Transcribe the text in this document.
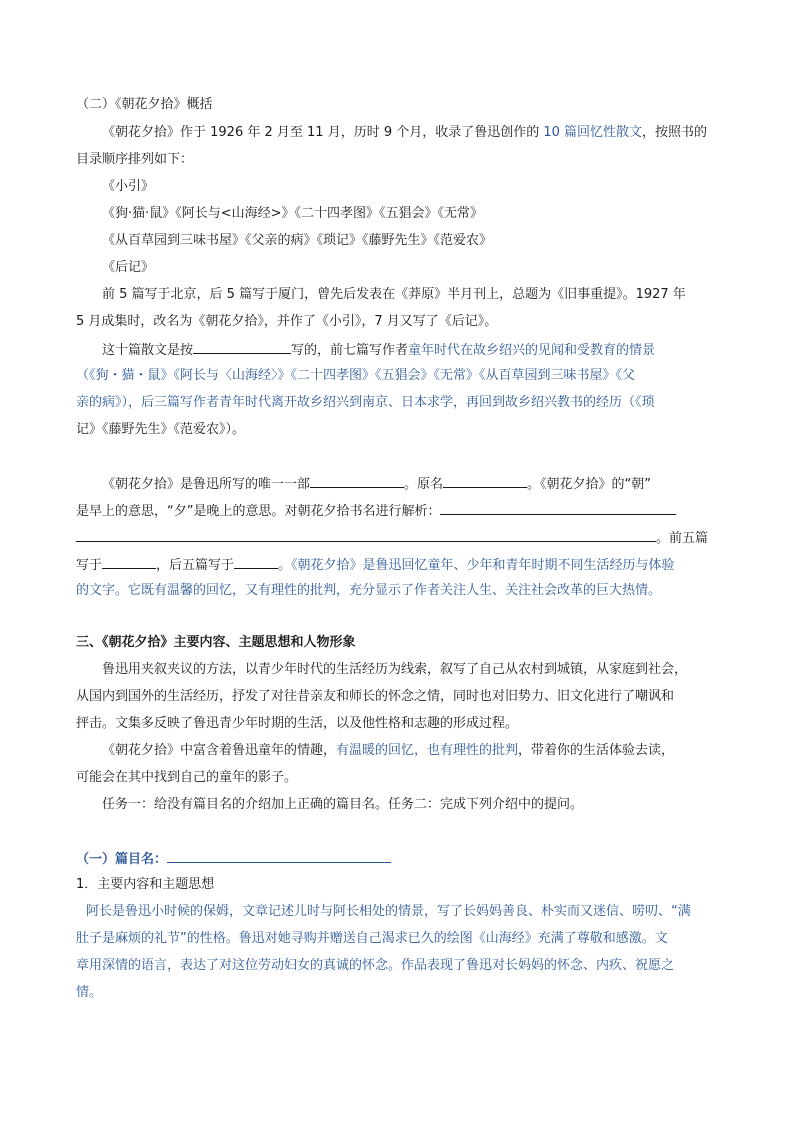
（二）《朝花夕拾》概括
《朝花夕拾》作于 1926 年 2 月至 11 月，历时 9 个月，收录了鲁迅创作的 10 篇回忆性散文，按照书的
目录顺序排列如下：
《小引》
《狗·猫·鼠》《阿长与<山海经>》《二十四孝图》《五猖会》《无常》
《从百草园到三味书屋》《父亲的病》《琐记》《藤野先生》《范爱农》
《后记》
前 5 篇写于北京，后 5 篇写于厦门，曾先后发表在《莽原》半月刊上，总题为《旧事重提》。1927 年
5 月成集时，改名为《朝花夕拾》，并作了《小引》，7 月又写了《后记》。
这十篇散文是按	写的，前七篇写作者童年时代在故乡绍兴的见闻和受教育的情景
（《狗・猫・鼠》《阿长与〈山海经〉》《二十四孝图》《五猖会》《无常》《从百草园到三味书屋》《父
亲的病》），后三篇写作者青年时代离开故乡绍兴到南京、日本求学，再回到故乡绍兴教书的经历（《琐
记》《藤野先生》《范爱农》）。
《朝花夕拾》是鲁迅所写的唯一一部	。原名	。《朝花夕拾》的“朝”
是早上的意思，“夕”是晚上的意思。对朝花夕拾书名进行解析：
。前五篇
写于	，后五篇写于	。《朝花夕拾》是鲁迅回忆童年、少年和青年时期不同生活经历与体验
的文字。它既有温馨的回忆，又有理性的批判，充分显示了作者关注人生、关注社会改革的巨大热情。
三、《朝花夕拾》主要内容、主题思想和人物形象
鲁迅用夹叙夹议的方法，以青少年时代的生活经历为线索，叙写了自己从农村到城镇，从家庭到社会，
从国内到国外的生活经历，抒发了对往昔亲友和师长的怀念之情，同时也对旧势力、旧文化进行了嘲讽和
抨击。文集多反映了鲁迅青少年时期的生活，以及他性格和志趣的形成过程。
《朝花夕拾》中富含着鲁迅童年的情趣，有温暖的回忆，也有理性的批判，带着你的生活体验去读，
可能会在其中找到自己的童年的影子。
任务一：给没有篇目名的介绍加上正确的篇目名。任务二：完成下列介绍中的提问。
（一）篇目名：
1．主要内容和主题思想
阿长是鲁迅小时候的保姆，文章记述儿时与阿长相处的情景，写了长妈妈善良、朴实而又迷信、唠叨、“满
肚子是麻烦的礼节”的性格。鲁迅对她寻购并赠送自己渴求已久的绘图《山海经》充满了尊敬和感激。文
章用深情的语言，表达了对这位劳动妇女的真诚的怀念。作品表现了鲁迅对长妈妈的怀念、内疚、祝愿之
情。
